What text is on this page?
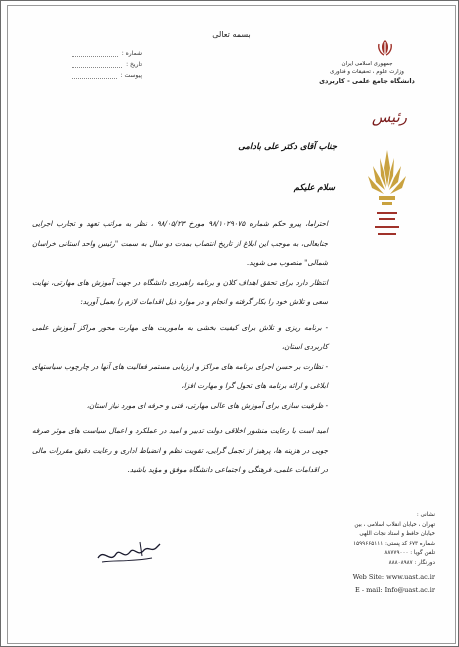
بسمه تعالی
شماره :
تاریخ :
پیوست :
جمهوری اسلامی ایران
وزارت علوم ، تحقیقات و فناوری
دانشگاه جامع علمی - کاربردی
رئیس
جناب آقای دکتر علی بادامی
سلام علیکم

احتراما، پیرو حکم شماره ۹۸/۱۰۲۹۰۷۵ مورخ ۹۸/۰۵/۲۳ ، نظر به مراتب تعهد و تجارب اجرایی جنابعالی، به موجب این ابلاغ از تاریخ انتصاب بمدت دو سال به سمت "رئیس واحد استانی خراسان شمالی" منصوب می شوید.

انتظار دارد برای تحقق اهداف کلان و برنامه راهبردی دانشگاه در جهت آموزش های مهارتی، نهایت سعی و تلاش خود را بکار گرفته و انجام و در موارد ذیل اقدامات لازم را بعمل آورید:

- برنامه ریزی و تلاش برای کیفیت بخشی به ماموریت های مهارت محور مراکز آموزش علمی کاربردی استان،

- نظارت بر حسن اجرای برنامه های مراکز و ارزیابی مستمر فعالیت های آنها در چارچوب سیاستهای ابلاغی و ارائه برنامه های تحول گرا و مهارت افزا،

- ظرفیت سازی برای آموزش های عالی مهارتی، فنی و حرفه ای مورد نیاز استان،

امید است با رعایت منشور اخلاقی دولت تدبیر و امید در عملکرد و اعمال سیاست های موثر صرفه جویی در هزینه ها، پرهیز از تجمل گرایی، تقویت نظم و انضباط اداری و رعایت دقیق مقررات مالی در اقدامات علمی، فرهنگی و اجتماعی دانشگاه موفق و مؤید باشید.

نشانی :
تهران ، خیابان انقلاب اسلامی ، بین
خیابان حافظ و استاد نجات اللهی
شماره ۶۷۳ کد پستی: ۱۵۹۹۶۶۵۱۱۱
تلفن گویا : ۸۸۷۷۹۰۰۰
دورنگار : ۸۸۸۰۸۹۸۷
Web Site: www.uast.ac.ir
E - mail: Info@uast.ac.ir
